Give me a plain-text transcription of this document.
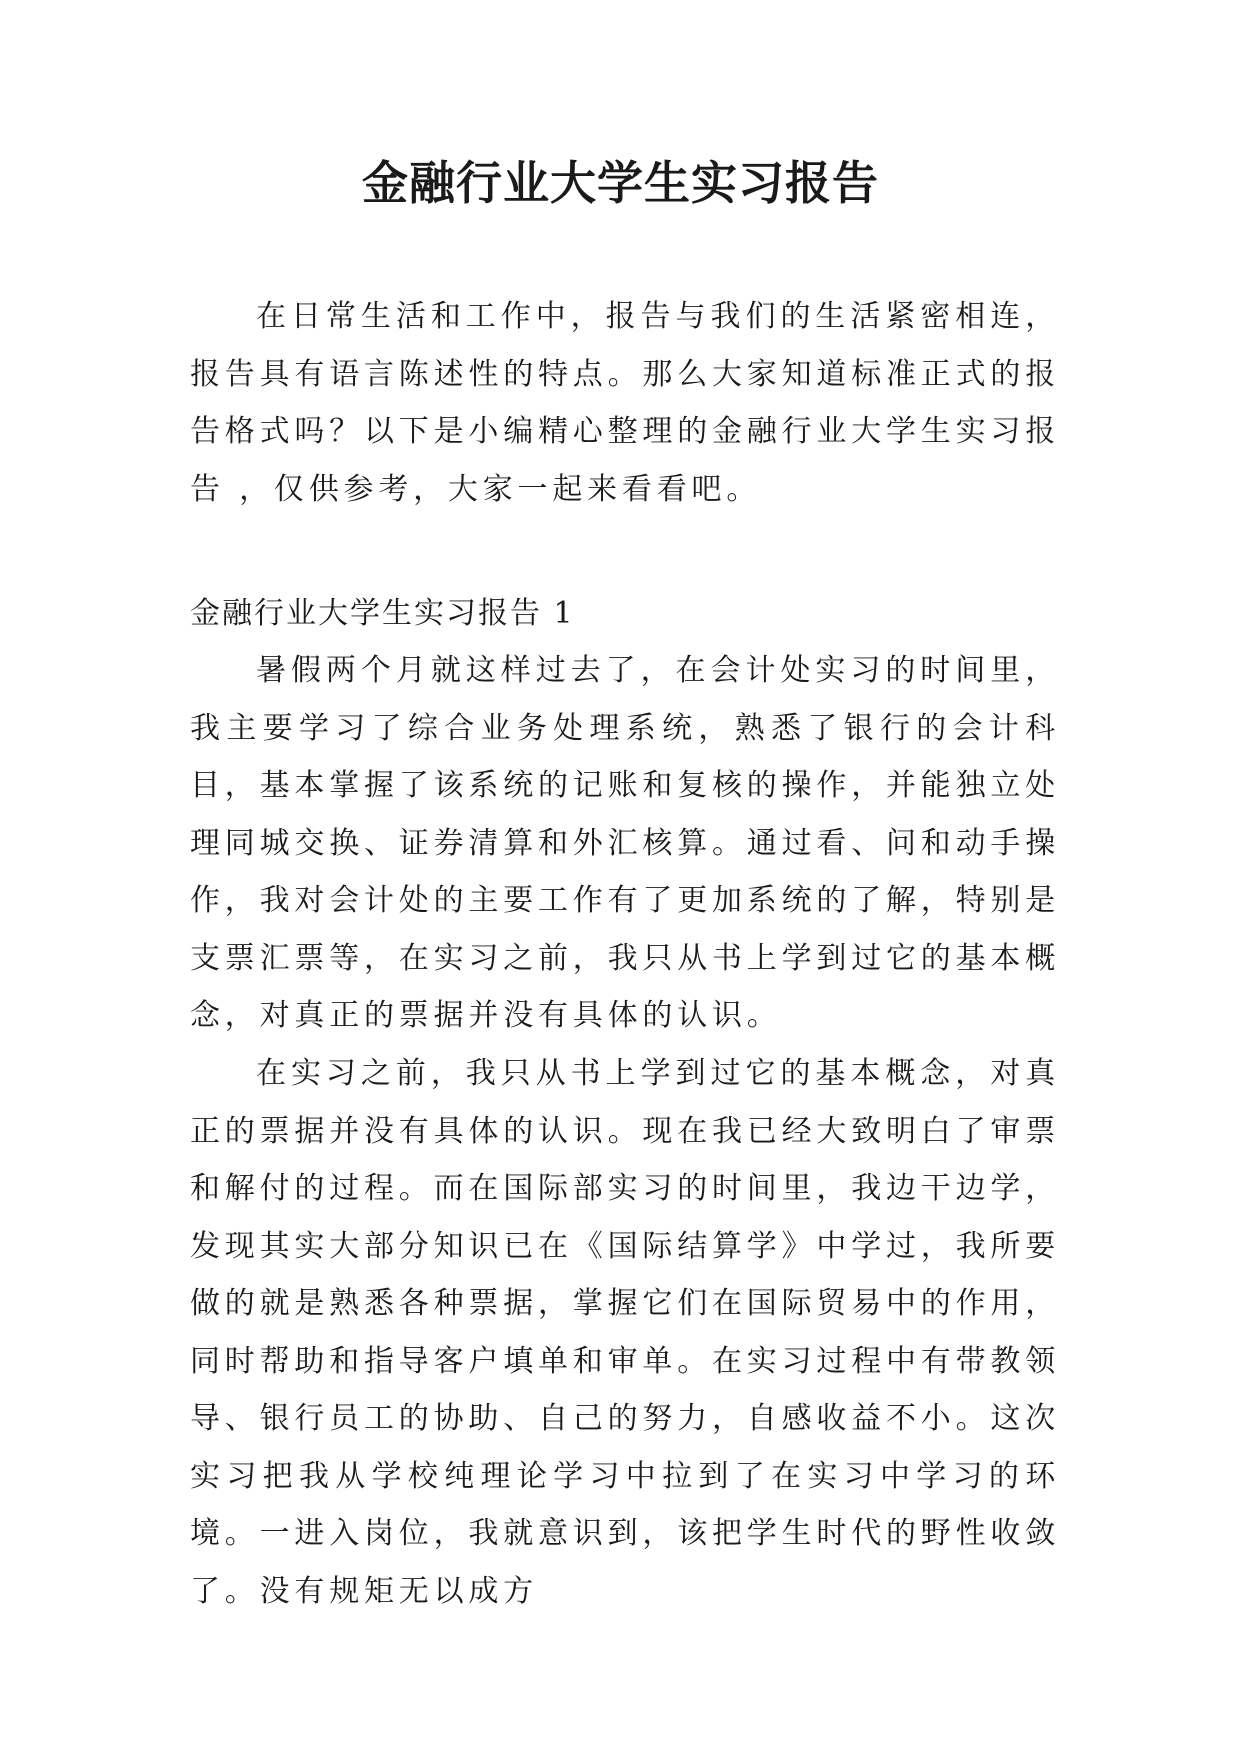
金融行业大学生实习报告

在日常生活和工作中，报告与我们的生活紧密相连，报告具有语言陈述性的特点。那么大家知道标准正式的报告格式吗？以下是小编精心整理的金融行业大学生实习报告 ，仅供参考，大家一起来看看吧。

金融行业大学生实习报告 1

暑假两个月就这样过去了，在会计处实习的时间里，我主要学习了综合业务处理系统，熟悉了银行的会计科目，基本掌握了该系统的记账和复核的操作，并能独立处理同城交换、证券清算和外汇核算。通过看、问和动手操作，我对会计处的主要工作有了更加系统的了解，特别是支票汇票等，在实习之前，我只从书上学到过它的基本概念，对真正的票据并没有具体的认识。

在实习之前，我只从书上学到过它的基本概念，对真正的票据并没有具体的认识。现在我已经大致明白了审票和解付的过程。而在国际部实习的时间里，我边干边学，发现其实大部分知识已在《国际结算学》中学过，我所要做的就是熟悉各种票据，掌握它们在国际贸易中的作用，同时帮助和指导客户填单和审单。在实习过程中有带教领导、银行员工的协助、自己的努力，自感收益不小。这次实习把我从学校纯理论学习中拉到了在实习中学习的环境。一进入岗位，我就意识到，该把学生时代的野性收敛了。没有规矩无以成方
